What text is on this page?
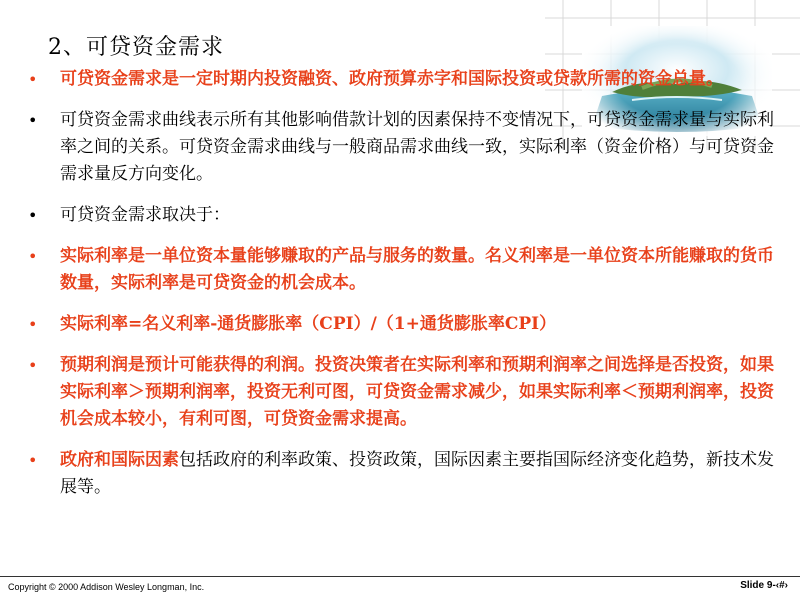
2、可贷资金需求
• 可贷资金需求是一定时期内投资融资、政府预算赤字和国际投资或贷款所需的资金总量。
• 可贷资金需求曲线表示所有其他影响借款计划的因素保持不变情况下，可贷资金需求量与实际利率之间的关系。可贷资金需求曲线与一般商品需求曲线一致，实际利率（资金价格）与可贷资金需求量反方向变化。
• 可贷资金需求取决于：
• 实际利率是一单位资本量能够赚取的产品与服务的数量。名义利率是一单位资本所能赚取的货币数量，实际利率是可贷资金的机会成本。
• 实际利率=名义利率-通货膨胀率（CPI）/（1+通货膨胀率CPI）
• 预期利润是预计可能获得的利润。投资决策者在实际利率和预期利润率之间选择是否投资，如果实际利率＞预期利润率，投资无利可图，可贷资金需求减少，如果实际利率＜预期利润率，投资机会成本较小，有利可图，可贷资金需求提高。
• 政府和国际因素包括政府的利率政策、投资政策，国际因素主要指国际经济变化趋势，新技术发展等。
Copyright © 2000 Addison Wesley Longman, Inc.	Slide 9-‹#›
